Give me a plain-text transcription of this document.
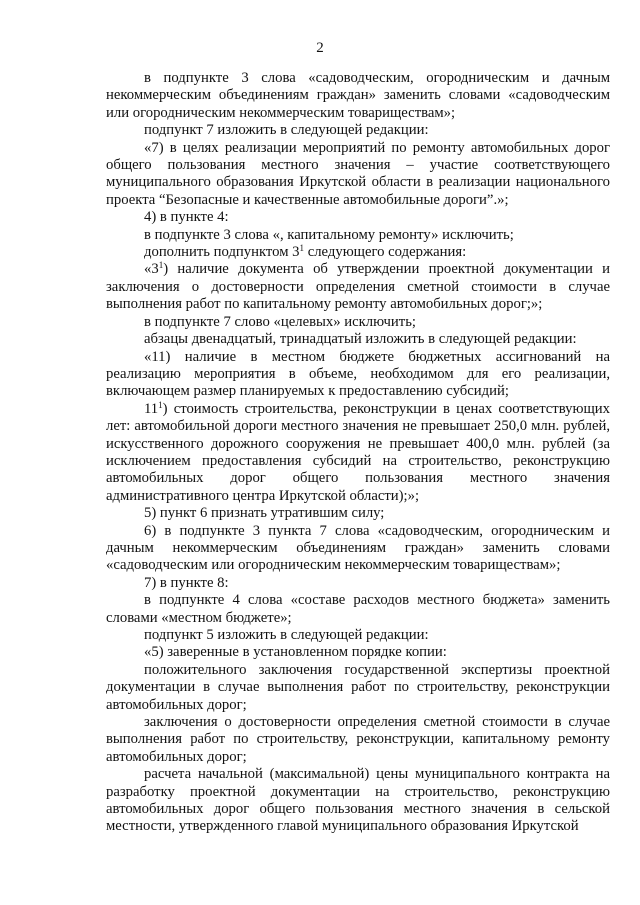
2

в подпункте 3 слова «садоводческим, огородническим и дачным некоммерческим объединениям граждан» заменить словами «садоводческим или огородническим некоммерческим товариществам»;

подпункт 7 изложить в следующей редакции:

«7) в целях реализации мероприятий по ремонту автомобильных дорог общего пользования местного значения – участие соответствующего муниципального образования Иркутской области в реализации национального проекта “Безопасные и качественные автомобильные дороги”.»;

4) в пункте 4:

в подпункте 3 слова «, капитальному ремонту» исключить;

дополнить подпунктом $3^1$ следующего содержания:

«$3^1$) наличие документа об утверждении проектной документации и заключения о достоверности определения сметной стоимости в случае выполнения работ по капитальному ремонту автомобильных дорог;»;

в подпункте 7 слово «целевых» исключить;

абзацы двенадцатый, тринадцатый изложить в следующей редакции:

«11) наличие в местном бюджете бюджетных ассигнований на реализацию мероприятия в объеме, необходимом для его реализации, включающем размер планируемых к предоставлению субсидий;

$11^1$) стоимость строительства, реконструкции в ценах соответствующих лет: автомобильной дороги местного значения не превышает 250,0 млн. рублей, искусственного дорожного сооружения не превышает 400,0 млн. рублей (за исключением предоставления субсидий на строительство, реконструкцию автомобильных дорог общего пользования местного значения административного центра Иркутской области);»;

5) пункт 6 признать утратившим силу;

6) в подпункте 3 пункта 7 слова «садоводческим, огородническим и дачным некоммерческим объединениям граждан» заменить словами «садоводческим или огородническим некоммерческим товариществам»;

7) в пункте 8:

в подпункте 4 слова «составе расходов местного бюджета» заменить словами «местном бюджете»;

подпункт 5 изложить в следующей редакции:

«5) заверенные в установленном порядке копии:

положительного заключения государственной экспертизы проектной документации в случае выполнения работ по строительству, реконструкции автомобильных дорог;

заключения о достоверности определения сметной стоимости в случае выполнения работ по строительству, реконструкции, капитальному ремонту автомобильных дорог;

расчета начальной (максимальной) цены муниципального контракта на разработку проектной документации на строительство, реконструкцию автомобильных дорог общего пользования местного значения в сельской местности, утвержденного главой муниципального образования Иркутской
